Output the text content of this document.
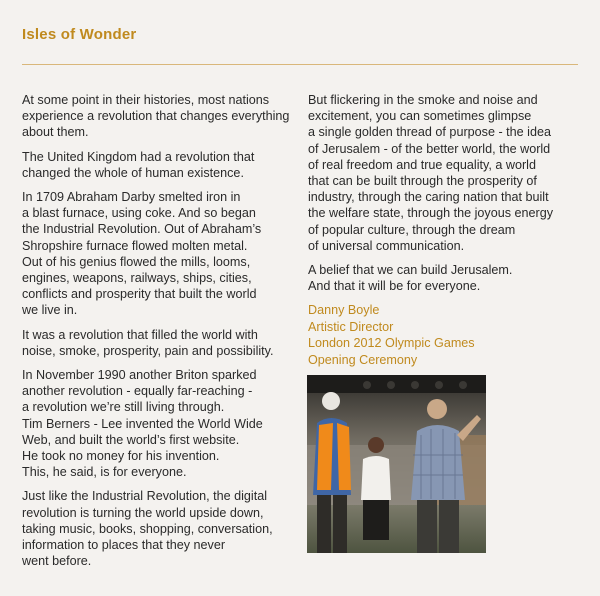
Isles of Wonder

At some point in their histories, most nations
experience a revolution that changes everything
about them.

The United Kingdom had a revolution that
changed the whole of human existence.

In 1709 Abraham Darby smelted iron in
a blast furnace, using coke. And so began
the Industrial Revolution. Out of Abraham’s
Shropshire furnace flowed molten metal.
Out of his genius flowed the mills, looms,
engines, weapons, railways, ships, cities,
conflicts and prosperity that built the world
we live in.

It was a revolution that filled the world with
noise, smoke, prosperity, pain and possibility.

In November 1990 another Briton sparked
another revolution - equally far-reaching -
a revolution we’re still living through.
Tim Berners - Lee invented the World Wide
Web, and built the world’s first website.
He took no money for his invention.
This, he said, is for everyone.

Just like the Industrial Revolution, the digital
revolution is turning the world upside down,
taking music, books, shopping, conversation,
information to places that they never
went before.

But flickering in the smoke and noise and
excitement, you can sometimes glimpse
a single golden thread of purpose - the idea
of Jerusalem - of the better world, the world
of real freedom and true equality, a world
that can be built through the prosperity of
industry, through the caring nation that built
the welfare state, through the joyous energy
of popular culture, through the dream
of universal communication.

A belief that we can build Jerusalem.
And that it will be for everyone.

Danny Boyle
Artistic Director
London 2012 Olympic Games
Opening Ceremony
